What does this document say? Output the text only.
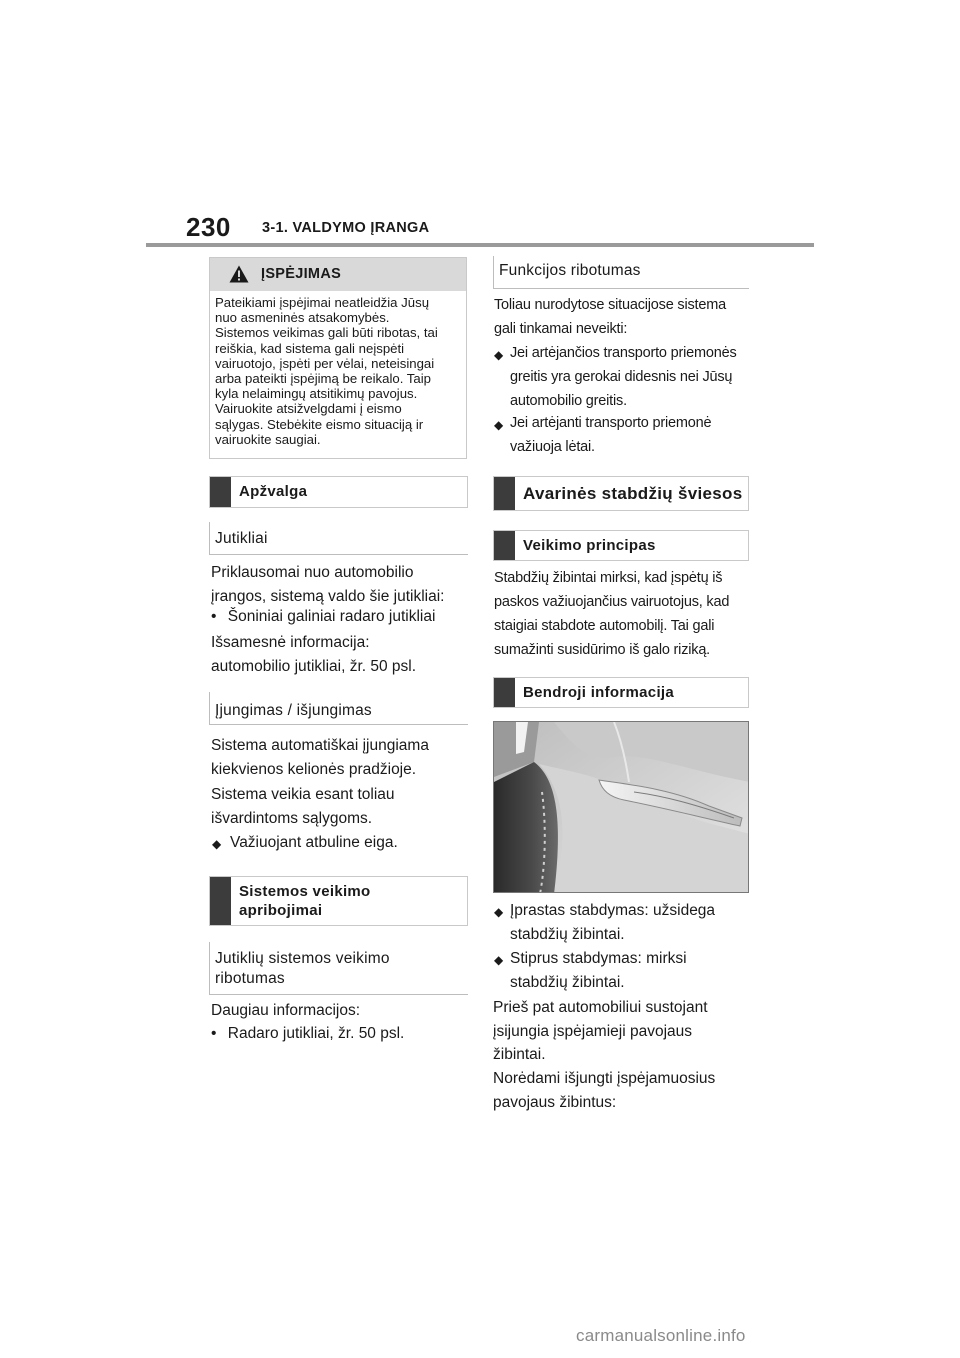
230 3-1. VALDYMO ĮRANGA
ĮSPĖJIMAS
Pateikiami įspėjimai neatleidžia Jūsų
nuo asmeninės atsakomybės.
Sistemos veikimas gali būti ribotas, tai
reiškia, kad sistema gali neįspėti
vairuotojo, įspėti per vėlai, neteisingai
arba pateikti įspėjimą be reikalo. Taip
kyla nelaimingų atsitikimų pavojus.
Vairuokite atsižvelgdami į eismo
sąlygas. Stebėkite eismo situaciją ir
vairuokite saugiai.
Apžvalga
Jutikliai
Priklausomai nuo automobilio
įrangos, sistemą valdo šie jutikliai:
• Šoniniai galiniai radaro jutikliai
Išsamesnė informacija:
automobilio jutikliai, žr. 50 psl.
Įjungimas / išjungimas
Sistema automatiškai įjungiama
kiekvienos kelionės pradžioje.
Sistema veikia esant toliau
išvardintoms sąlygoms.
◆ Važiuojant atbuline eiga.
Sistemos veikimo
apribojimai
Jutiklių sistemos veikimo
ribotumas
Daugiau informacijos:
• Radaro jutikliai, žr. 50 psl.
Funkcijos ribotumas
Toliau nurodytose situacijose sistema
gali tinkamai neveikti:
◆ Jei artėjančios transporto priemonės
greitis yra gerokai didesnis nei Jūsų
automobilio greitis.
◆ Jei artėjanti transporto priemonė
važiuoja lėtai.
Avarinės stabdžių šviesos
Veikimo principas
Stabdžių žibintai mirksi, kad įspėtų iš
paskos važiuojančius vairuotojus, kad
staigiai stabdote automobilį. Tai gali
sumažinti susidūrimo iš galo riziką.
Bendroji informacija
◆ Įprastas stabdymas: užsidega
stabdžių žibintai.
◆ Stiprus stabdymas: mirksi
stabdžių žibintai.
Prieš pat automobiliui sustojant
įsijungia įspėjamieji pavojaus
žibintai.
Norėdami išjungti įspėjamuosius
pavojaus žibintus:
carmanualsonline.info
